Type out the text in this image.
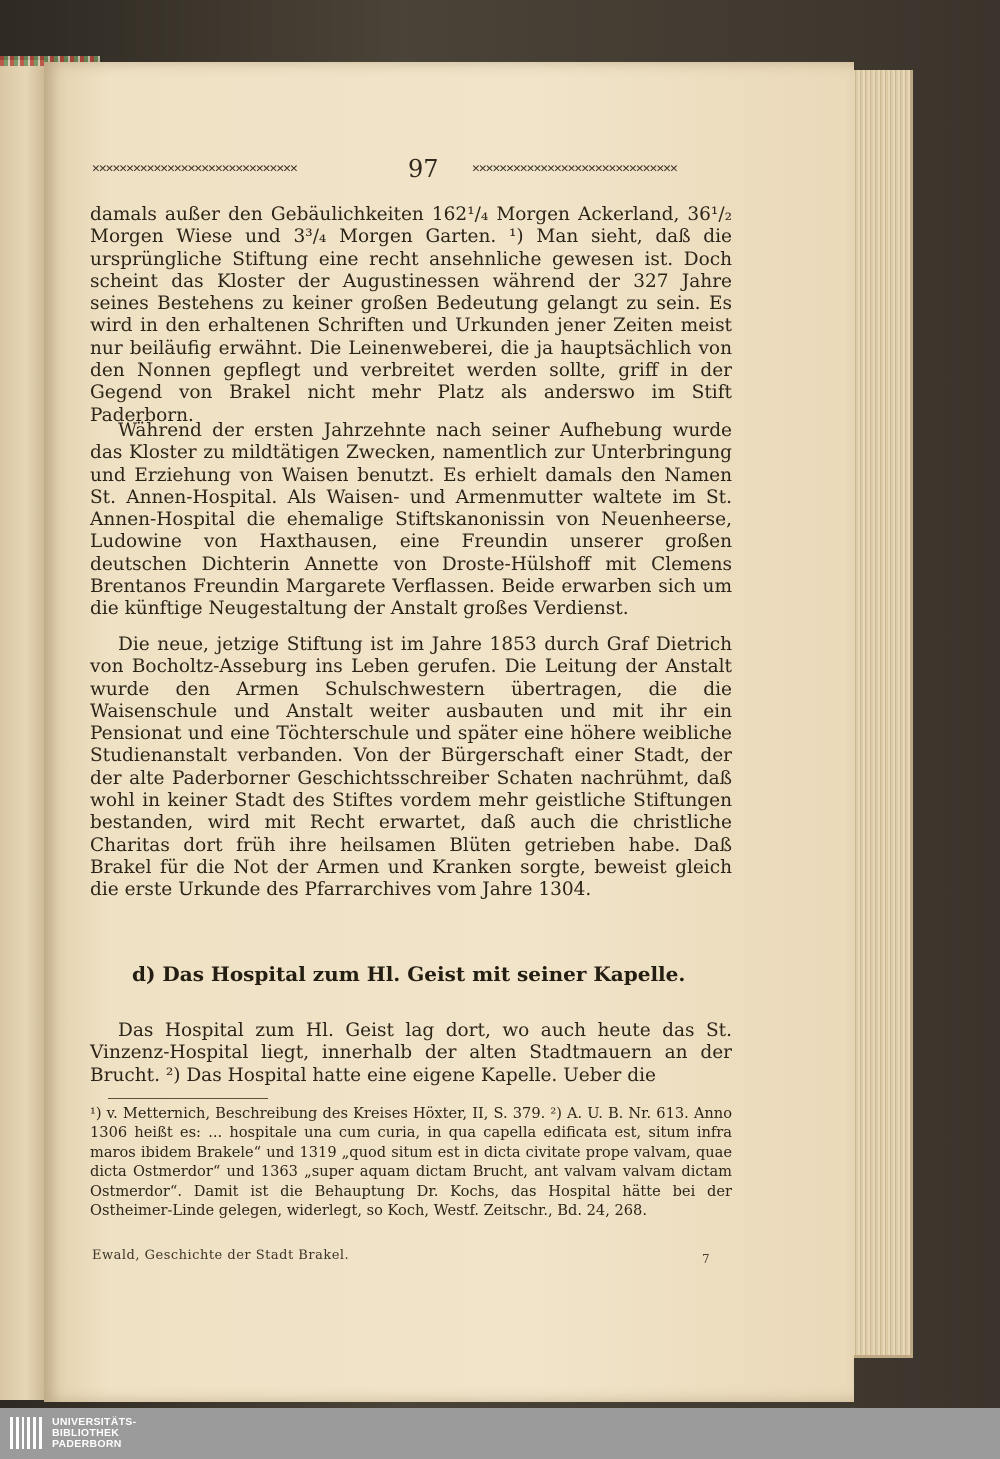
✕✕✕✕✕✕✕✕✕✕✕✕✕✕✕✕✕✕✕✕✕✕✕✕✕✕✕✕✕✕	97	✕✕✕✕✕✕✕✕✕✕✕✕✕✕✕✕✕✕✕✕✕✕✕✕✕✕✕✕✕✕

damals außer den Gebäulichkeiten 162¹/₄ Morgen Ackerland, 36¹/₂ Morgen Wiese und 3³/₄ Morgen Garten. ¹) Man sieht, daß die ursprüngliche Stiftung eine recht ansehnliche gewesen ist. Doch scheint das Kloster der Augustinessen während der 327 Jahre seines Bestehens zu keiner großen Bedeutung gelangt zu sein. Es wird in den erhaltenen Schriften und Urkunden jener Zeiten meist nur beiläufig erwähnt. Die Leinenweberei, die ja hauptsächlich von den Nonnen gepflegt und verbreitet werden sollte, griff in der Gegend von Brakel nicht mehr Platz als anderswo im Stift Paderborn.

Während der ersten Jahrzehnte nach seiner Aufhebung wurde das Kloster zu mildtätigen Zwecken, namentlich zur Unterbringung und Erziehung von Waisen benutzt. Es erhielt damals den Namen St. Annen-Hospital. Als Waisen- und Armenmutter waltete im St. Annen-Hospital die ehemalige Stiftskanonissin von Neuenheerse, Ludowine von Haxthausen, eine Freundin unserer großen deutschen Dichterin Annette von Droste-Hülshoff mit Clemens Brentanos Freundin Margarete Verflassen. Beide erwarben sich um die künftige Neugestaltung der Anstalt großes Verdienst.

Die neue, jetzige Stiftung ist im Jahre 1853 durch Graf Dietrich von Bocholtz-Asseburg ins Leben gerufen. Die Leitung der Anstalt wurde den Armen Schulschwestern übertragen, die die Waisenschule und Anstalt weiter ausbauten und mit ihr ein Pensionat und eine Töchterschule und später eine höhere weibliche Studienanstalt verbanden. Von der Bürgerschaft einer Stadt, der der alte Paderborner Geschichtsschreiber Schaten nachrühmt, daß wohl in keiner Stadt des Stiftes vordem mehr geistliche Stiftungen bestanden, wird mit Recht erwartet, daß auch die christliche Charitas dort früh ihre heilsamen Blüten getrieben habe. Daß Brakel für die Not der Armen und Kranken sorgte, beweist gleich die erste Urkunde des Pfarrarchives vom Jahre 1304.

d) Das Hospital zum Hl. Geist mit seiner Kapelle.

Das Hospital zum Hl. Geist lag dort, wo auch heute das St. Vinzenz-Hospital liegt, innerhalb der alten Stadtmauern an der Brucht. ²) Das Hospital hatte eine eigene Kapelle. Ueber die

¹) v. Metternich, Beschreibung des Kreises Höxter, II, S. 379. ²) A. U. B. Nr. 613. Anno 1306 heißt es: ... hospitale una cum curia, in qua capella edificata est, situm infra maros ibidem Brakele“ und 1319 „quod situm est in dicta civitate prope valvam, quae dicta Ostmerdor“ und 1363 „super aquam dictam Brucht, ant valvam valvam dictam Ostmerdor“. Damit ist die Behauptung Dr. Kochs, das Hospital hätte bei der Ostheimer-Linde gelegen, widerlegt, so Koch, Westf. Zeitschr., Bd. 24, 268.

Ewald, Geschichte der Stadt Brakel.	7
UNIVERSITÄTS-
BIBLIOTHEK
PADERBORN
